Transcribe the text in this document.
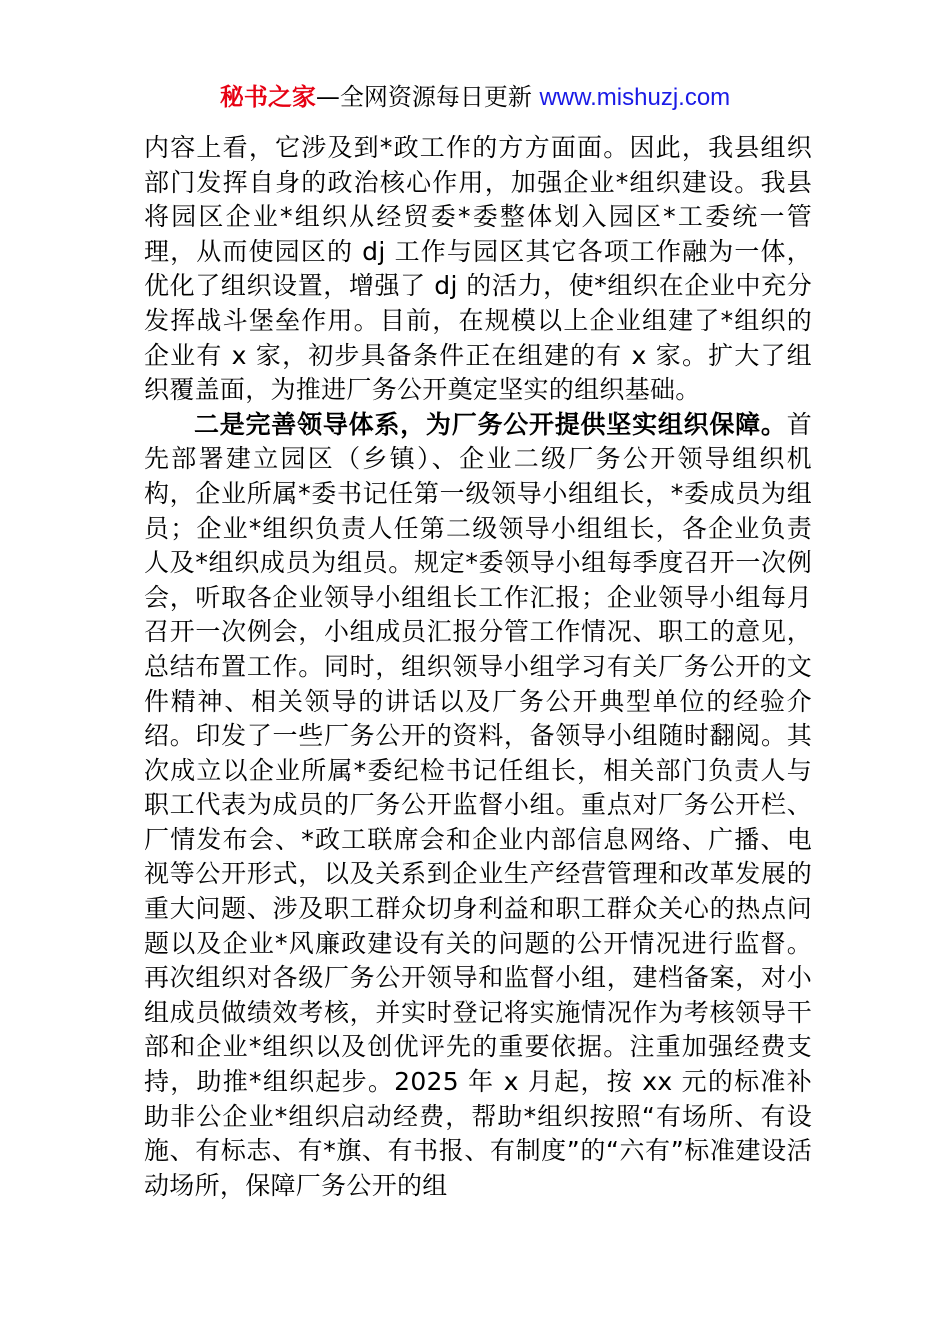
秘书之家—全网资源每日更新 www.mishuzj.com

内容上看，它涉及到*政工作的方方面面。因此，我县组织部门发挥自身的政治核心作用，加强企业*组织建设。我县将园区企业*组织从经贸委*委整体划入园区*工委统一管理，从而使园区的 dj 工作与园区其它各项工作融为一体，优化了组织设置，增强了 dj 的活力，使*组织在企业中充分发挥战斗堡垒作用。目前，在规模以上企业组建了*组织的企业有 x 家，初步具备条件正在组建的有 x 家。扩大了组织覆盖面，为推进厂务公开奠定坚实的组织基础。

二是完善领导体系，为厂务公开提供坚实组织保障。首先部署建立园区（乡镇）、企业二级厂务公开领导组织机构，企业所属*委书记任第一级领导小组组长，*委成员为组员；企业*组织负责人任第二级领导小组组长，各企业负责人及*组织成员为组员。规定*委领导小组每季度召开一次例会，听取各企业领导小组组长工作汇报；企业领导小组每月召开一次例会，小组成员汇报分管工作情况、职工的意见，总结布置工作。同时，组织领导小组学习有关厂务公开的文件精神、相关领导的讲话以及厂务公开典型单位的经验介绍。印发了一些厂务公开的资料，备领导小组随时翻阅。其次成立以企业所属*委纪检书记任组长，相关部门负责人与职工代表为成员的厂务公开监督小组。重点对厂务公开栏、厂情发布会、*政工联席会和企业内部信息网络、广播、电视等公开形式，以及关系到企业生产经营管理和改革发展的重大问题、涉及职工群众切身利益和职工群众关心的热点问题以及企业*风廉政建设有关的问题的公开情况进行监督。再次组织对各级厂务公开领导和监督小组，建档备案，对小组成员做绩效考核，并实时登记将实施情况作为考核领导干部和企业*组织以及创优评先的重要依据。注重加强经费支持，助推*组织起步。2025 年 x 月起，按 xx 元的标准补助非公企业*组织启动经费，帮助*组织按照“有场所、有设施、有标志、有*旗、有书报、有制度”的“六有”标准建设活动场所，保障厂务公开的组
